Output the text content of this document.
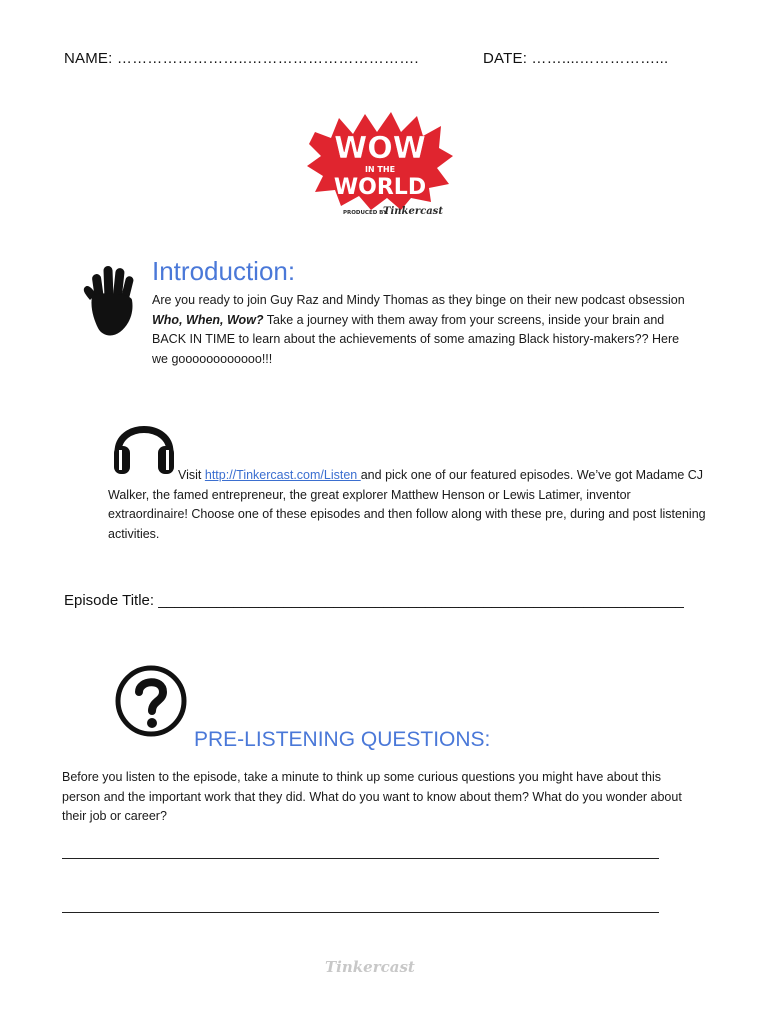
NAME: ……………………..…………………………….	DATE: ……....……………...
WOW
IN THE
WORLD
PRODUCED BY
Tinkercast
Introduction:
Are you ready to join Guy Raz and Mindy Thomas as they binge on their new podcast obsession Who, When, Wow? Take a journey with them away from your screens, inside your brain and BACK IN TIME to learn about the achievements of some amazing Black history-makers?? Here we goooooooooooo!!!
Visit http://Tinkercast.com/Listen and pick one of our featured episodes. We’ve got Madame CJ Walker, the famed entrepreneur, the great explorer Matthew Henson or Lewis Latimer, inventor extraordinaire! Choose one of these episodes and then follow along with these pre, during and post listening activities.
Episode Title: _______________________________________________________________
PRE-LISTENING QUESTIONS:
Before you listen to the episode, take a minute to think up some curious questions you might have about this person and the important work that they did. What do you want to know about them? What do you wonder about their job or career?
Tinkercast
